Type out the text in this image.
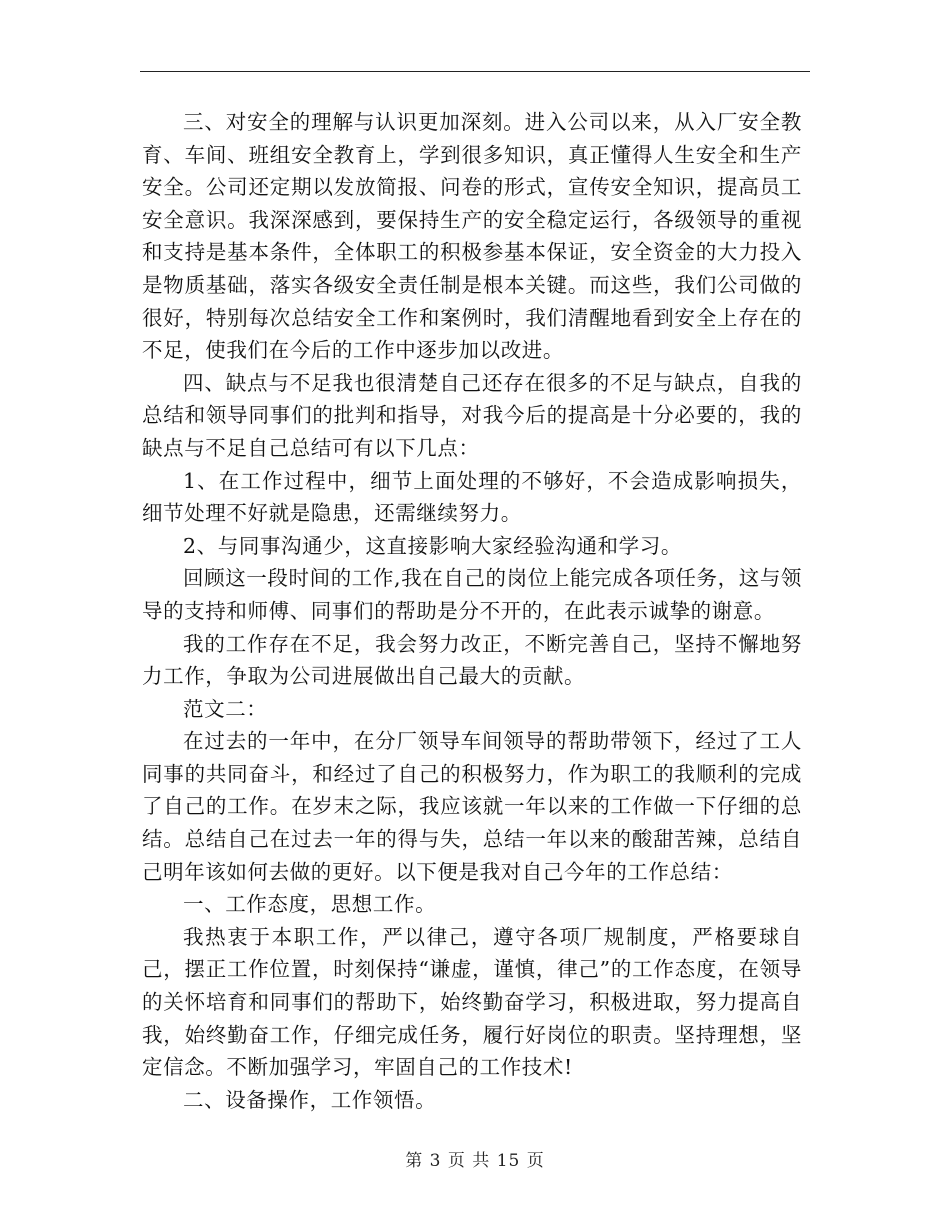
三、对安全的理解与认识更加深刻。进入公司以来，从入厂安全教育、车间、班组安全教育上，学到很多知识，真正懂得人生安全和生产安全。公司还定期以发放简报、问卷的形式，宣传安全知识，提高员工安全意识。我深深感到，要保持生产的安全稳定运行，各级领导的重视和支持是基本条件，全体职工的积极参基本保证，安全资金的大力投入是物质基础，落实各级安全责任制是根本关键。而这些，我们公司做的很好，特别每次总结安全工作和案例时，我们清醒地看到安全上存在的不足，使我们在今后的工作中逐步加以改进。

四、缺点与不足我也很清楚自己还存在很多的不足与缺点，自我的总结和领导同事们的批判和指导，对我今后的提高是十分必要的，我的缺点与不足自己总结可有以下几点：

1、在工作过程中，细节上面处理的不够好，不会造成影响损失，细节处理不好就是隐患，还需继续努力。

2、与同事沟通少，这直接影响大家经验沟通和学习。

回顾这一段时间的工作,我在自己的岗位上能完成各项任务，这与领导的支持和师傅、同事们的帮助是分不开的，在此表示诚挚的谢意。

我的工作存在不足，我会努力改正，不断完善自己，坚持不懈地努力工作，争取为公司进展做出自己最大的贡献。

范文二：

在过去的一年中，在分厂领导车间领导的帮助带领下，经过了工人同事的共同奋斗，和经过了自己的积极努力，作为职工的我顺利的完成了自己的工作。在岁末之际，我应该就一年以来的工作做一下仔细的总结。总结自己在过去一年的得与失，总结一年以来的酸甜苦辣，总结自己明年该如何去做的更好。以下便是我对自己今年的工作总结：

一、工作态度，思想工作。

我热衷于本职工作，严以律己，遵守各项厂规制度，严格要球自己，摆正工作位置，时刻保持“谦虚，谨慎，律己”的工作态度，在领导的关怀培育和同事们的帮助下，始终勤奋学习，积极进取，努力提高自我，始终勤奋工作，仔细完成任务，履行好岗位的职责。坚持理想，坚定信念。不断加强学习，牢固自己的工作技术!

二、设备操作，工作领悟。

第 3 页 共 15 页
